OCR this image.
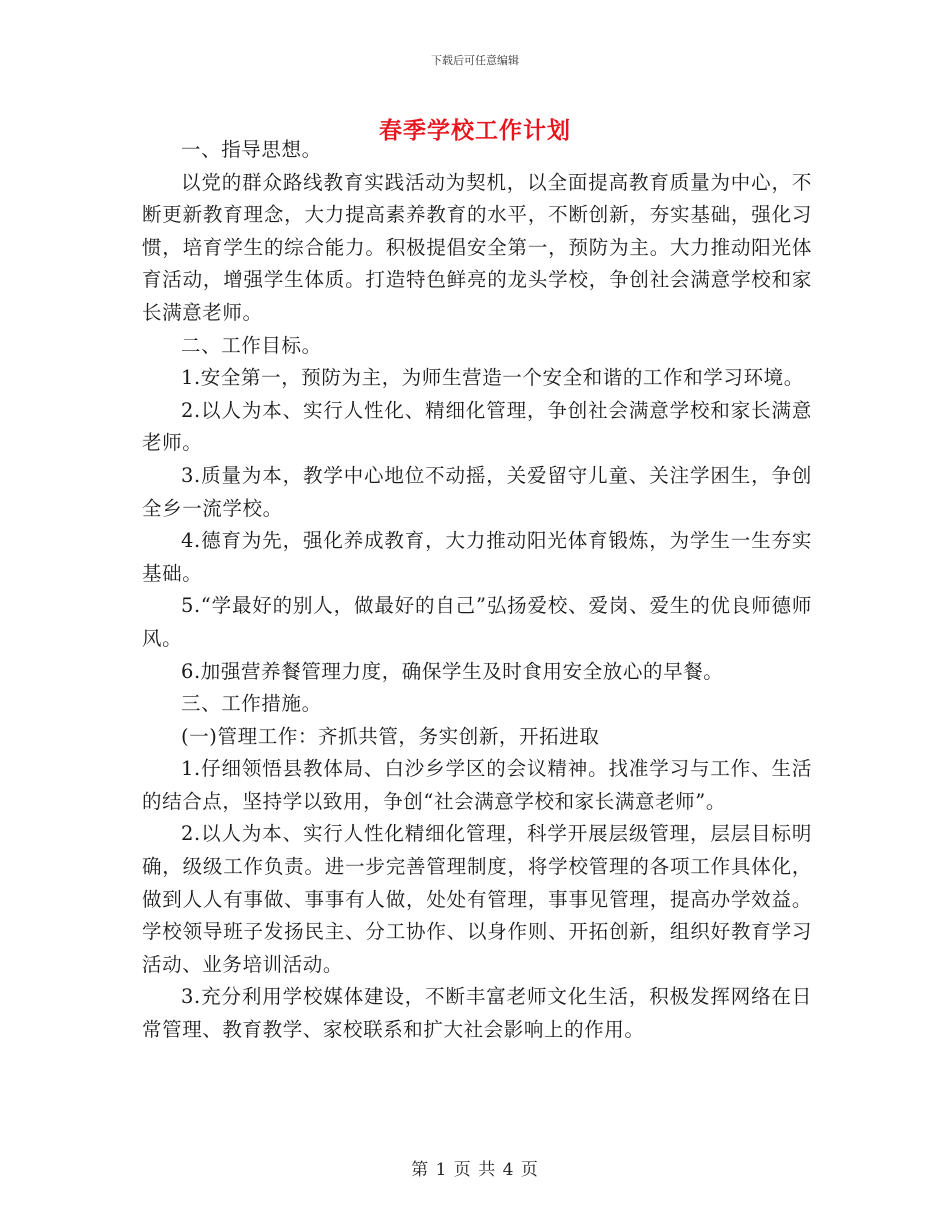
下载后可任意编辑
春季学校工作计划

一、指导思想。

以党的群众路线教育实践活动为契机，以全面提高教育质量为中心，不断更新教育理念，大力提高素养教育的水平，不断创新，夯实基础，强化习惯，培育学生的综合能力。积极提倡安全第一，预防为主。大力推动阳光体育活动，增强学生体质。打造特色鲜亮的龙头学校，争创社会满意学校和家长满意老师。

二、工作目标。

1.安全第一，预防为主，为师生营造一个安全和谐的工作和学习环境。

2.以人为本、实行人性化、精细化管理，争创社会满意学校和家长满意老师。

3.质量为本，教学中心地位不动摇，关爱留守儿童、关注学困生，争创全乡一流学校。

4.德育为先，强化养成教育，大力推动阳光体育锻炼，为学生一生夯实基础。

5.“学最好的别人，做最好的自己”弘扬爱校、爱岗、爱生的优良师德师风。

6.加强营养餐管理力度，确保学生及时食用安全放心的早餐。

三、工作措施。

(一)管理工作：齐抓共管，务实创新，开拓进取

1.仔细领悟县教体局、白沙乡学区的会议精神。找准学习与工作、生活的结合点，坚持学以致用，争创“社会满意学校和家长满意老师”。

2.以人为本、实行人性化精细化管理，科学开展层级管理，层层目标明确，级级工作负责。进一步完善管理制度，将学校管理的各项工作具体化，做到人人有事做、事事有人做，处处有管理，事事见管理，提高办学效益。学校领导班子发扬民主、分工协作、以身作则、开拓创新，组织好教育学习活动、业务培训活动。

3.充分利用学校媒体建设，不断丰富老师文化生活，积极发挥网络在日常管理、教育教学、家校联系和扩大社会影响上的作用。

第 1 页 共 4 页
